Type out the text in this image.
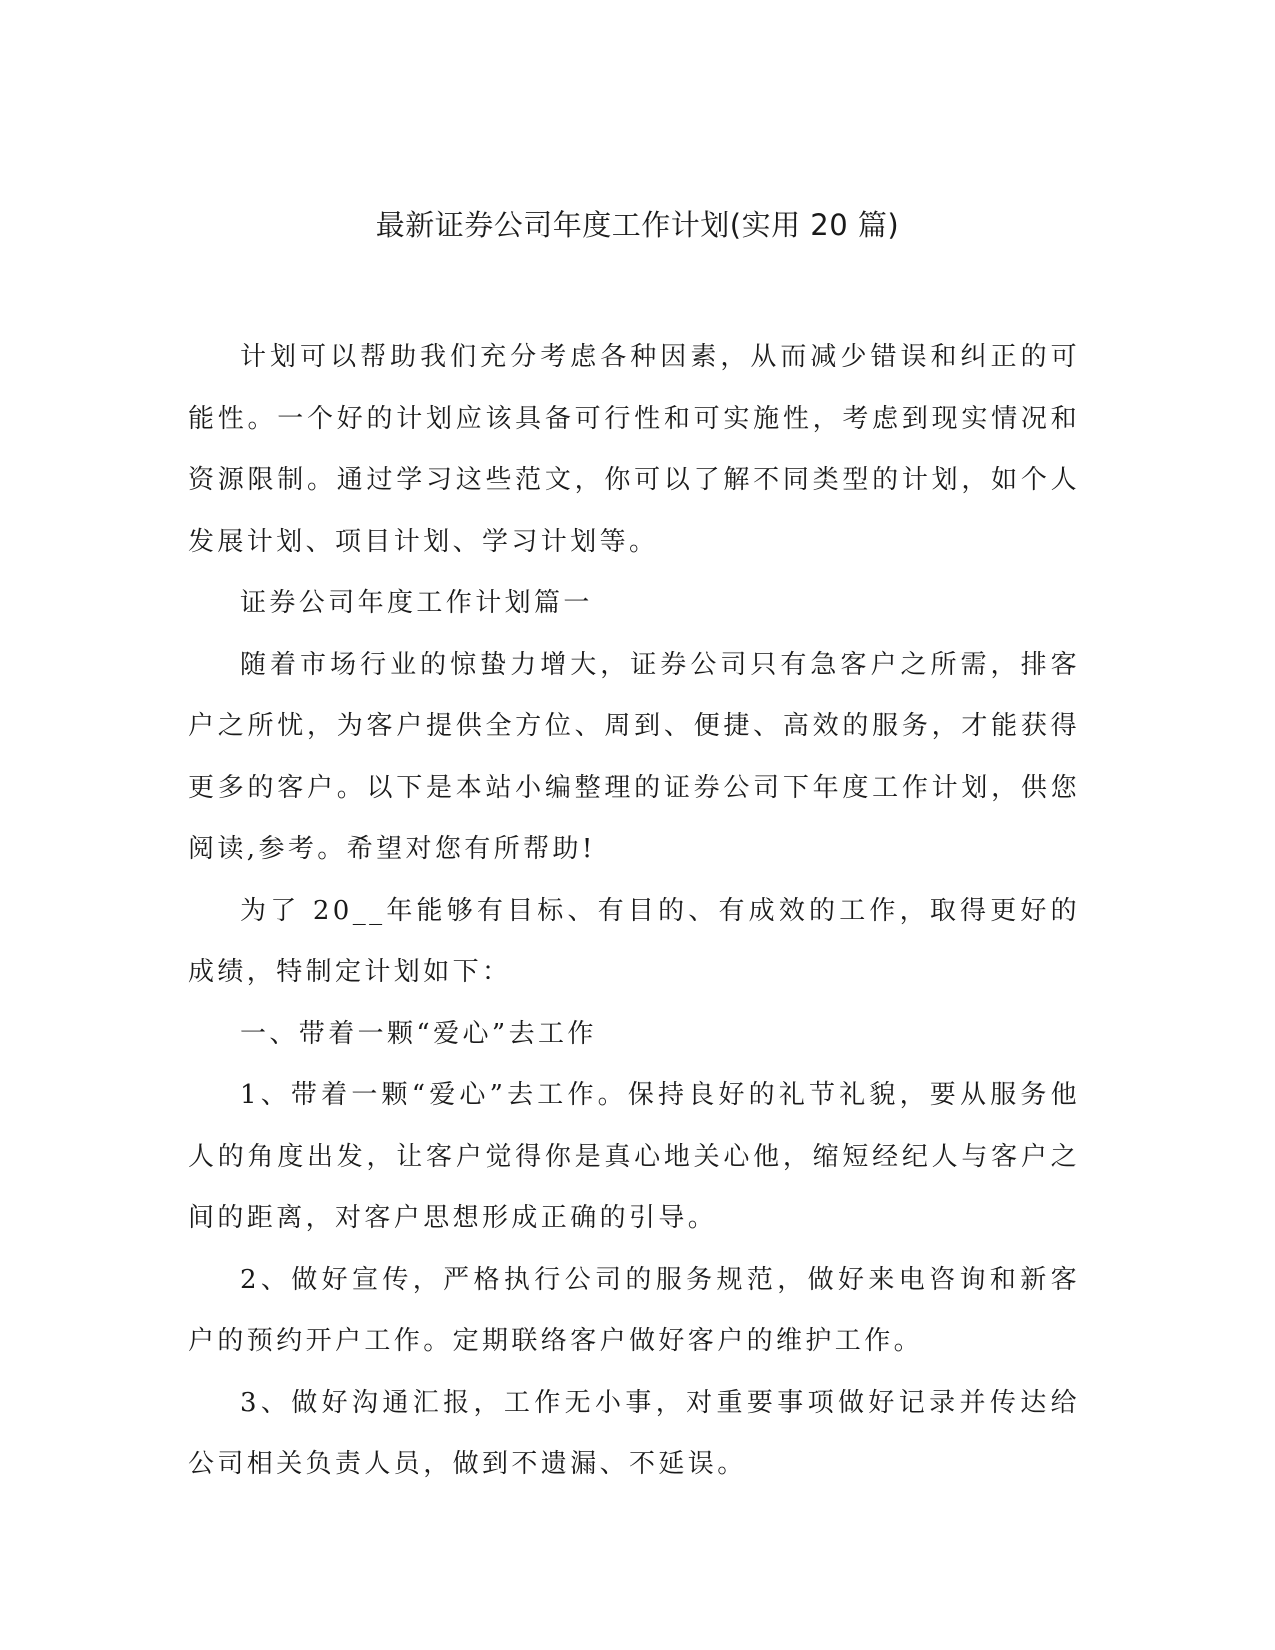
最新证券公司年度工作计划(实用 20 篇)

计划可以帮助我们充分考虑各种因素，从而减少错误和纠正的可能性。一个好的计划应该具备可行性和可实施性，考虑到现实情况和资源限制。通过学习这些范文，你可以了解不同类型的计划，如个人发展计划、项目计划、学习计划等。

证券公司年度工作计划篇一

随着市场行业的惊蛰力增大，证券公司只有急客户之所需，排客户之所忧，为客户提供全方位、周到、便捷、高效的服务，才能获得更多的客户。以下是本站小编整理的证券公司下年度工作计划，供您阅读,参考。希望对您有所帮助!

为了 20__年能够有目标、有目的、有成效的工作，取得更好的成绩，特制定计划如下：

一、带着一颗“爱心”去工作

1、带着一颗“爱心”去工作。保持良好的礼节礼貌，要从服务他人的角度出发，让客户觉得你是真心地关心他，缩短经纪人与客户之间的距离，对客户思想形成正确的引导。

2、做好宣传，严格执行公司的服务规范，做好来电咨询和新客户的预约开户工作。定期联络客户做好客户的维护工作。

3、做好沟通汇报，工作无小事，对重要事项做好记录并传达给公司相关负责人员，做到不遗漏、不延误。
